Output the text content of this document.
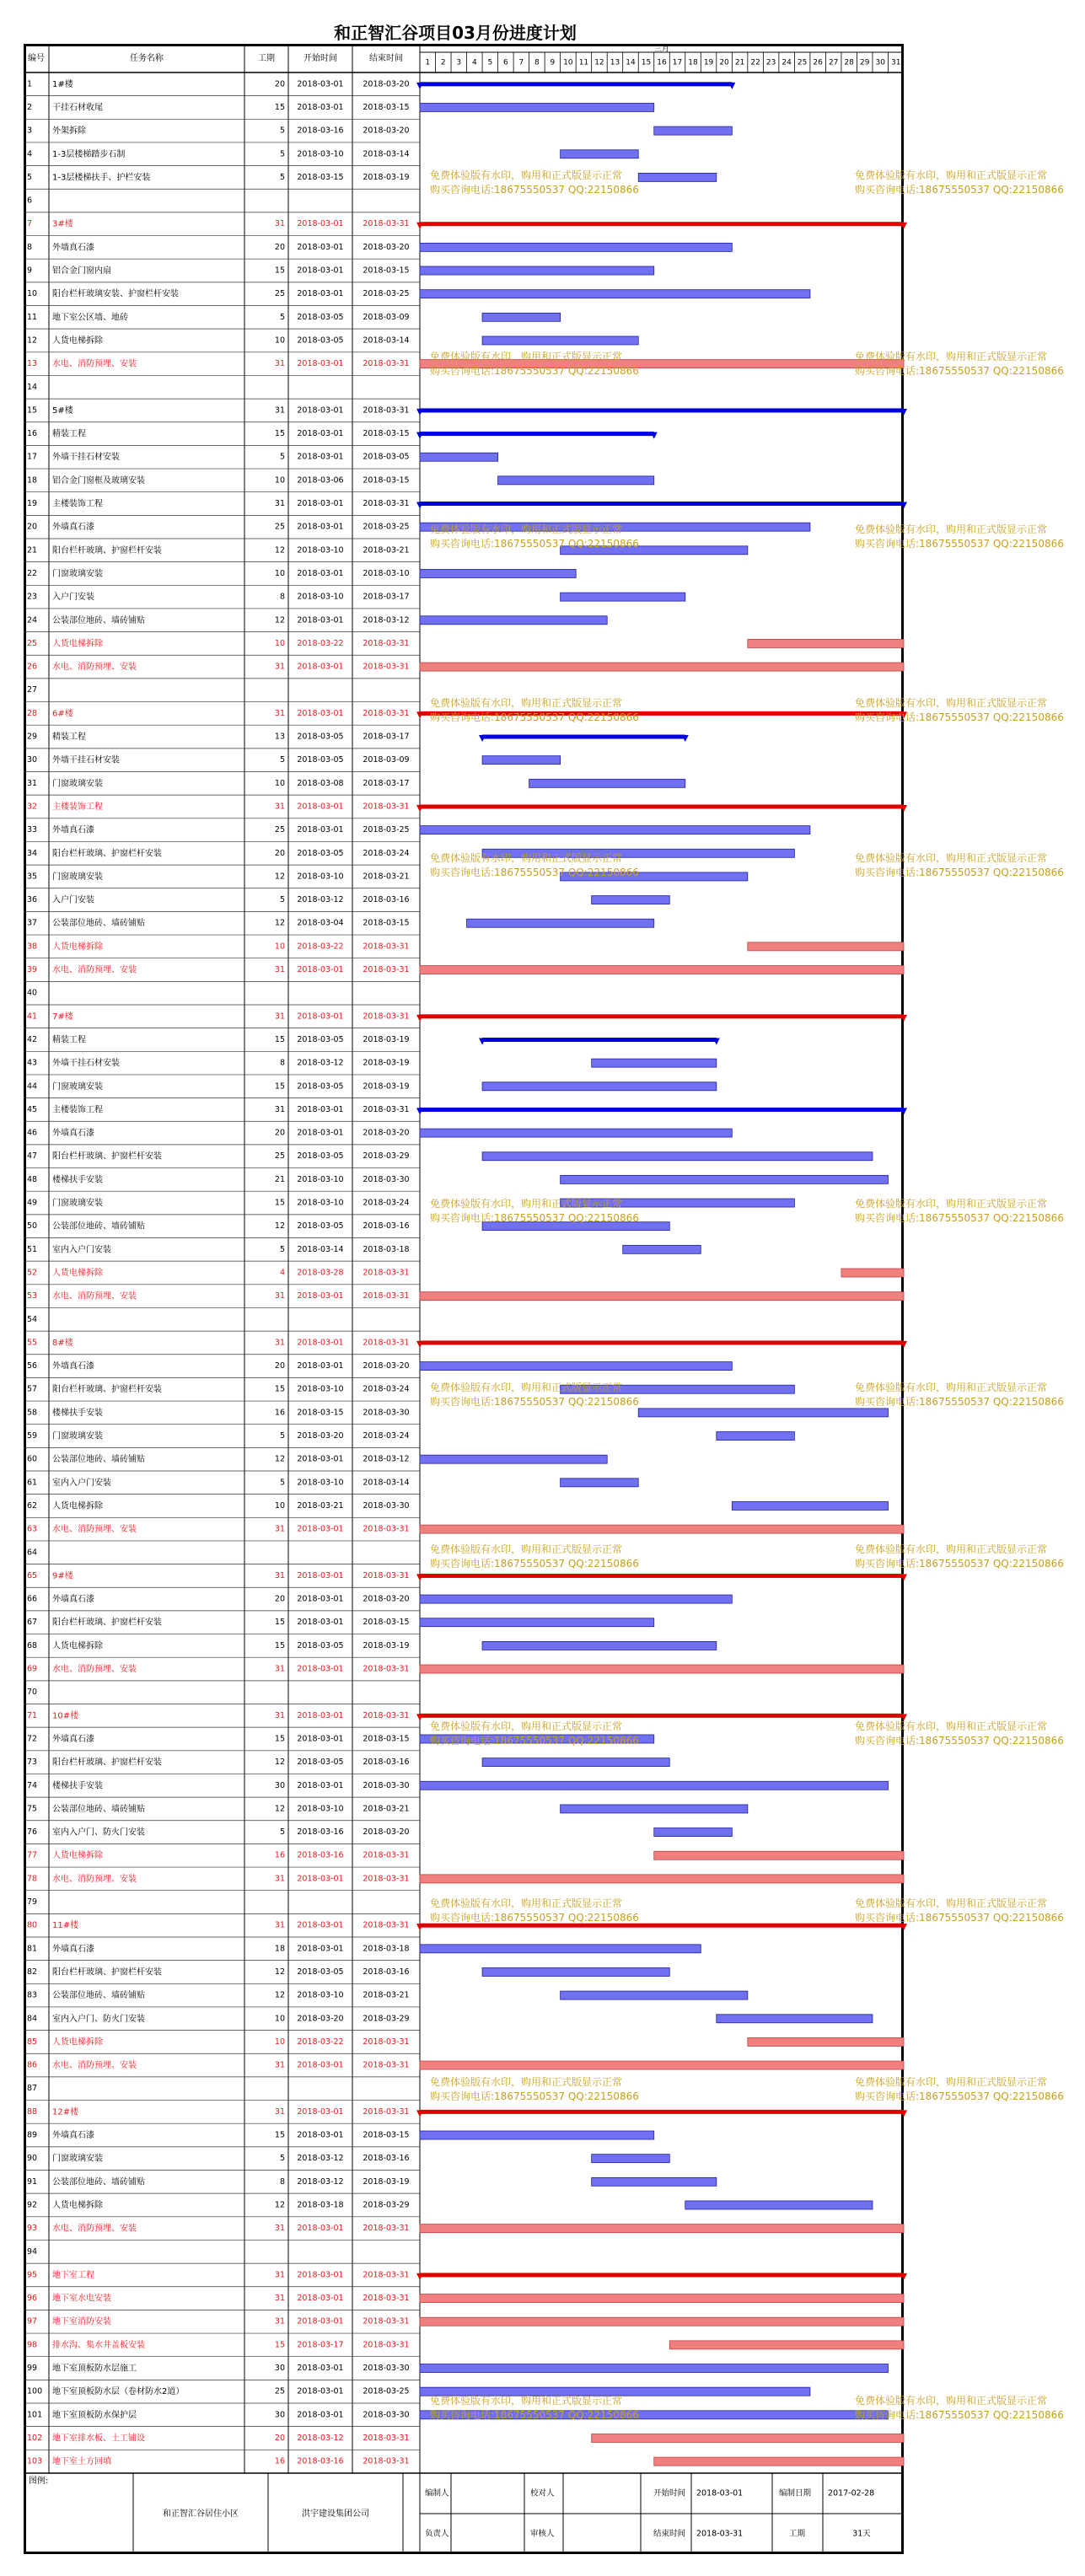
和正智汇谷项目03月份进度计划
编号	任务名称	工期	开始时间	结束时间
三月
1 2 3 4 5 6 7 8 9 10 11 12 13 14 15 16 17 18 19 20 21 22 23 24 25 26 27 28 29 30 31
1 1#楼	20 2018-03-01 2018-03-20
2 干挂石材收尾	15 2018-03-01 2018-03-15
3 外架拆除	5 2018-03-16 2018-03-20
4 1-3层楼梯踏步石制	5 2018-03-10 2018-03-14
5 1-3层楼梯扶手、护栏安装	5 2018-03-15 2018-03-19
6
7 3#楼	31 2018-03-01 2018-03-31
8 外墙真石漆	20 2018-03-01 2018-03-20
9 铝合金门窗内扇	15 2018-03-01 2018-03-15
10 阳台栏杆玻璃安装、护窗栏杆安装	25 2018-03-01 2018-03-25
11 地下室公区墙、地砖	5 2018-03-05 2018-03-09
12 人货电梯拆除	10 2018-03-05 2018-03-14
13 水电、消防预埋、安装	31 2018-03-01 2018-03-31
14
15 5#楼	31 2018-03-01 2018-03-31
16 精装工程	15 2018-03-01 2018-03-15
17 外墙干挂石材安装	5 2018-03-01 2018-03-05
18 铝合金门窗框及玻璃安装	10 2018-03-06 2018-03-15
19 主楼装饰工程	31 2018-03-01 2018-03-31
20 外墙真石漆	25 2018-03-01 2018-03-25
21 阳台栏杆玻璃、护窗栏杆安装	12 2018-03-10 2018-03-21
22 门窗玻璃安装	10 2018-03-01 2018-03-10
23 入户门安装	8 2018-03-10 2018-03-17
24 公装部位地砖、墙砖铺贴	12 2018-03-01 2018-03-12
25 人货电梯拆除	10 2018-03-22 2018-03-31
26 水电、消防预埋、安装	31 2018-03-01 2018-03-31
27
28 6#楼	31 2018-03-01 2018-03-31
29 精装工程	13 2018-03-05 2018-03-17
30 外墙干挂石材安装	5 2018-03-05 2018-03-09
31 门窗玻璃安装	10 2018-03-08 2018-03-17
32 主楼装饰工程	31 2018-03-01 2018-03-31
33 外墙真石漆	25 2018-03-01 2018-03-25
34 阳台栏杆玻璃、护窗栏杆安装	20 2018-03-05 2018-03-24
35 门窗玻璃安装	12 2018-03-10 2018-03-21
36 入户门安装	5 2018-03-12 2018-03-16
37 公装部位地砖、墙砖铺贴	12 2018-03-04 2018-03-15
38 人货电梯拆除	10 2018-03-22 2018-03-31
39 水电、消防预埋、安装	31 2018-03-01 2018-03-31
40
41 7#楼	31 2018-03-01 2018-03-31
42 精装工程	15 2018-03-05 2018-03-19
43 外墙干挂石材安装	8 2018-03-12 2018-03-19
44 门窗玻璃安装	15 2018-03-05 2018-03-19
45 主楼装饰工程	31 2018-03-01 2018-03-31
46 外墙真石漆	20 2018-03-01 2018-03-20
47 阳台栏杆玻璃、护窗栏杆安装	25 2018-03-05 2018-03-29
48 楼梯扶手安装	21 2018-03-10 2018-03-30
49 门窗玻璃安装	15 2018-03-10 2018-03-24
50 公装部位地砖、墙砖铺贴	12 2018-03-05 2018-03-16
51 室内入户门安装	5 2018-03-14 2018-03-18
52 人货电梯拆除	4 2018-03-28 2018-03-31
53 水电、消防预埋、安装	31 2018-03-01 2018-03-31
54
55 8#楼	31 2018-03-01 2018-03-31
56 外墙真石漆	20 2018-03-01 2018-03-20
57 阳台栏杆玻璃、护窗栏杆安装	15 2018-03-10 2018-03-24
58 楼梯扶手安装	16 2018-03-15 2018-03-30
59 门窗玻璃安装	5 2018-03-20 2018-03-24
60 公装部位地砖、墙砖铺贴	12 2018-03-01 2018-03-12
61 室内入户门安装	5 2018-03-10 2018-03-14
62 人货电梯拆除	10 2018-03-21 2018-03-30
63 水电、消防预埋、安装	31 2018-03-01 2018-03-31
64
65 9#楼	31 2018-03-01 2018-03-31
66 外墙真石漆	20 2018-03-01 2018-03-20
67 阳台栏杆玻璃、护窗栏杆安装	15 2018-03-01 2018-03-15
68 人货电梯拆除	15 2018-03-05 2018-03-19
69 水电、消防预埋、安装	31 2018-03-01 2018-03-31
70
71 10#楼	31 2018-03-01 2018-03-31
72 外墙真石漆	15 2018-03-01 2018-03-15
73 阳台栏杆玻璃、护窗栏杆安装	12 2018-03-05 2018-03-16
74 楼梯扶手安装	30 2018-03-01 2018-03-30
75 公装部位地砖、墙砖铺贴	12 2018-03-10 2018-03-21
76 室内入户门、防火门安装	5 2018-03-16 2018-03-20
77 人货电梯拆除	16 2018-03-16 2018-03-31
78 水电、消防预埋、安装	31 2018-03-01 2018-03-31
79
80 11#楼	31 2018-03-01 2018-03-31
81 外墙真石漆	18 2018-03-01 2018-03-18
82 阳台栏杆玻璃、护窗栏杆安装	12 2018-03-05 2018-03-16
83 公装部位地砖、墙砖铺贴	12 2018-03-10 2018-03-21
84 室内入户门、防火门安装	10 2018-03-20 2018-03-29
85 人货电梯拆除	10 2018-03-22 2018-03-31
86 水电、消防预埋、安装	31 2018-03-01 2018-03-31
87
88 12#楼	31 2018-03-01 2018-03-31
89 外墙真石漆	15 2018-03-01 2018-03-15
90 门窗玻璃安装	5 2018-03-12 2018-03-16
91 公装部位地砖、墙砖铺贴	8 2018-03-12 2018-03-19
92 人货电梯拆除	12 2018-03-18 2018-03-29
93 水电、消防预埋、安装	31 2018-03-01 2018-03-31
94
95 地下室工程	31 2018-03-01 2018-03-31
96 地下室水电安装	31 2018-03-01 2018-03-31
97 地下室消防安装	31 2018-03-01 2018-03-31
98 排水沟、集水井盖板安装	15 2018-03-17 2018-03-31
99 地下室顶板防水层施工	30 2018-03-01 2018-03-30
100 地下室顶板防水层（卷材防水2道）	25 2018-03-01 2018-03-25
101 地下室顶板防水保护层	30 2018-03-01 2018-03-30
102 地下室排水板、土工铺设	20 2018-03-12 2018-03-31
103 地下室土方回填	16 2018-03-16 2018-03-31
图例:
和正智汇谷居住小区	洪宇建设集团公司
编制人	校对人	开始时间 2018-03-01	编制日期 2017-02-28
负责人	审核人	结束时间 2018-03-31	工期	31天
免费体验版有水印，购用和正式版显示正常
购买咨询电话:18675550537 QQ:22150866
免费体验版有水印，购用和正式版显示正常
购买咨询电话:18675550537 QQ:22150866
免费体验版有水印，购用和正式版显示正常
购买咨询电话:18675550537 QQ:22150866
免费体验版有水印，购用和正式版显示正常
购买咨询电话:18675550537 QQ:22150866
免费体验版有水印，购用和正式版显示正常
购买咨询电话:18675550537 QQ:22150866
免费体验版有水印，购用和正式版显示正常
购买咨询电话:18675550537 QQ:22150866
免费体验版有水印，购用和正式版显示正常
购买咨询电话:18675550537 QQ:22150866
免费体验版有水印，购用和正式版显示正常
购买咨询电话:18675550537 QQ:22150866
免费体验版有水印，购用和正式版显示正常
购买咨询电话:18675550537 QQ:22150866
免费体验版有水印，购用和正式版显示正常
购买咨询电话:18675550537 QQ:22150866
免费体验版有水印，购用和正式版显示正常
购买咨询电话:18675550537 QQ:22150866
免费体验版有水印，购用和正式版显示正常
购买咨询电话:18675550537 QQ:22150866
免费体验版有水印，购用和正式版显示正常
购买咨询电话:18675550537 QQ:22150866
免费体验版有水印，购用和正式版显示正常
购买咨询电话:18675550537 QQ:22150866
免费体验版有水印，购用和正式版显示正常
购买咨询电话:18675550537 QQ:22150866
免费体验版有水印，购用和正式版显示正常
购买咨询电话:18675550537 QQ:22150866
免费体验版有水印，购用和正式版显示正常
购买咨询电话:18675550537 QQ:22150866
免费体验版有水印，购用和正式版显示正常
购买咨询电话:18675550537 QQ:22150866
免费体验版有水印，购用和正式版显示正常
购买咨询电话:18675550537 QQ:22150866
免费体验版有水印，购用和正式版显示正常
购买咨询电话:18675550537 QQ:22150866
免费体验版有水印，购用和正式版显示正常
购买咨询电话:18675550537 QQ:22150866
免费体验版有水印，购用和正式版显示正常
购买咨询电话:18675550537 QQ:22150866
免费体验版有水印，购用和正式版显示正常
购买咨询电话:18675550537 QQ:22150866
免费体验版有水印，购用和正式版显示正常
购买咨询电话:18675550537 QQ:22150866
